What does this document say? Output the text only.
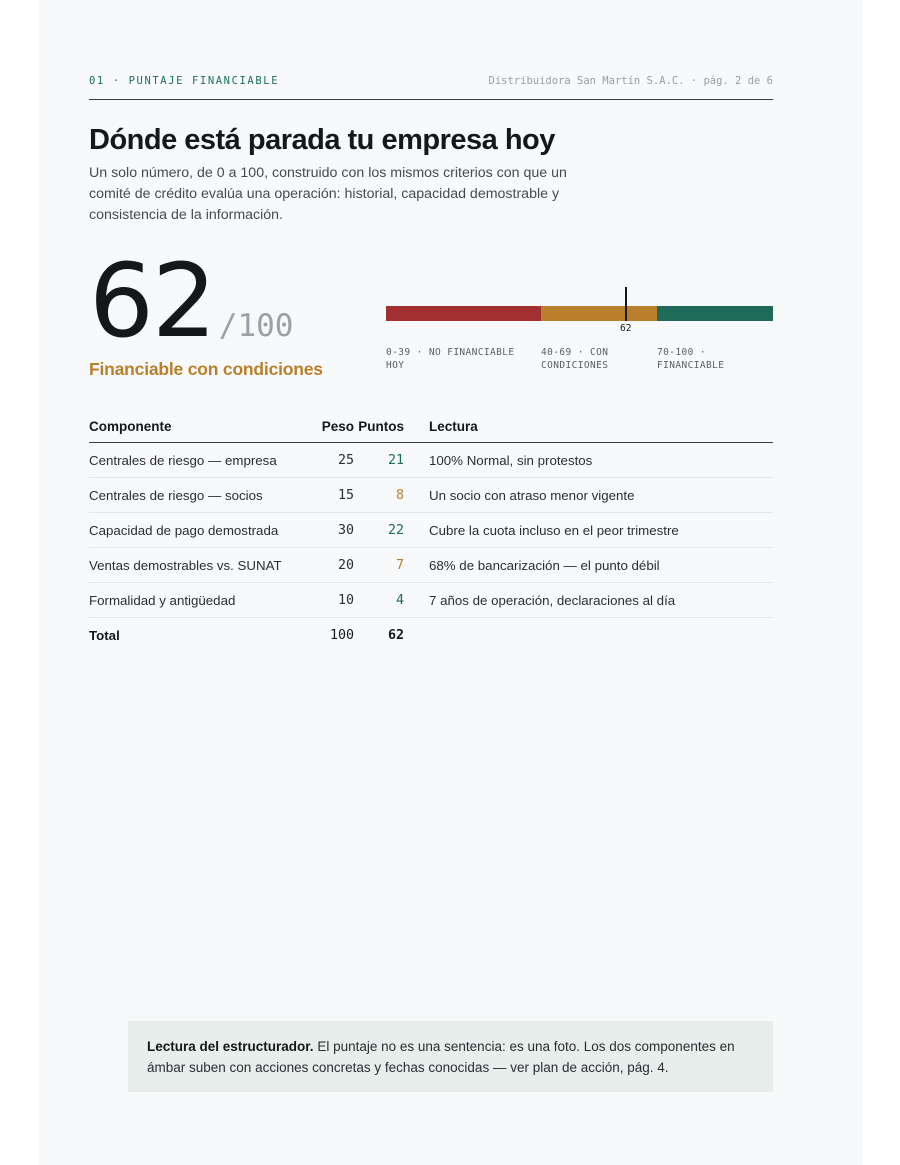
01 · PUNTAJE FINANCIABLE	Distribuidora San Martín S.A.C. · pág. 2 de 6
Dónde está parada tu empresa hoy

Un solo número, de 0 a 100, construido con los mismos criterios con que un comité de crédito evalúa una operación: historial, capacidad demostrable y consistencia de la información.

62 /100
Financiable con condiciones
62
0-39 · NO FINANCIABLE HOY
40-69 · CON CONDICIONES
70-100 · FINANCIABLE
Componente	Peso	Puntos		Lectura
Centrales de riesgo — empresa	25	21		100% Normal, sin protestos
Centrales de riesgo — socios	15	8		Un socio con atraso menor vigente
Capacidad de pago demostrada	30	22		Cubre la cuota incluso en el peor trimestre
Ventas demostrables vs. SUNAT	20	7		68% de bancarización — el punto débil
Formalidad y antigüedad	10	4		7 años de operación, declaraciones al día
Total	100	62		
Lectura del estructurador. El puntaje no es una sentencia: es una foto. Los dos componentes en ámbar suben con acciones concretas y fechas conocidas — ver plan de acción, pág. 4.
